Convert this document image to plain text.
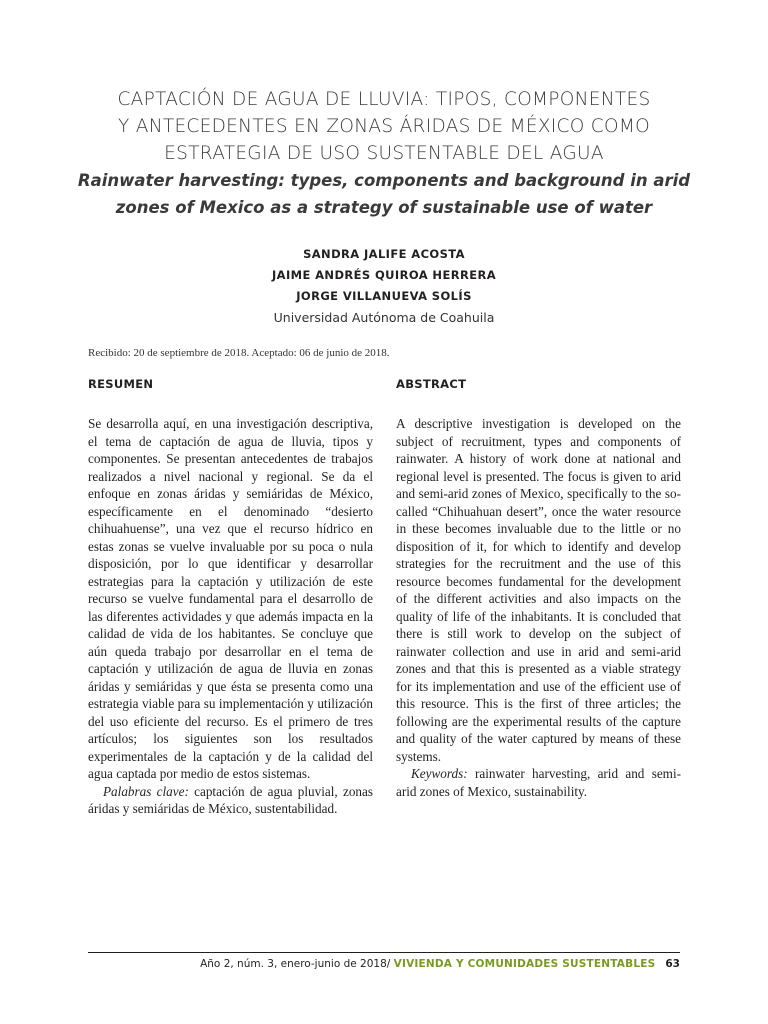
CAPTACIÓN DE AGUA DE LLUVIA: TIPOS, COMPONENTES
Y ANTECEDENTES EN ZONAS ÁRIDAS DE MÉXICO COMO
ESTRATEGIA DE USO SUSTENTABLE DEL AGUA
Rainwater harvesting: types, components and background in arid
zones of Mexico as a strategy of sustainable use of water
SANDRA JALIFE ACOSTA
JAIME ANDRÉS QUIROA HERRERA
JORGE VILLANUEVA SOLÍS
Universidad Autónoma de Coahuila
Recibido: 20 de septiembre de 2018. Aceptado: 06 de junio de 2018.
RESUMEN

Se desarrolla aquí, en una investigación descriptiva, el tema de captación de agua de lluvia, tipos y componentes. Se presentan antecedentes de trabajos realizados a nivel nacional y regional. Se da el enfoque en zonas áridas y semiáridas de México, específicamente en el denominado “desierto chihuahuense”, una vez que el recurso hídrico en estas zonas se vuelve invaluable por su poca o nula disposición, por lo que identificar y desarrollar estrategias para la captación y utilización de este recurso se vuelve fundamental para el desarrollo de las diferentes actividades y que además impacta en la calidad de vida de los habitantes. Se concluye que aún queda trabajo por desarrollar en el tema de captación y utilización de agua de lluvia en zonas áridas y semiáridas y que ésta se presenta como una estrategia viable para su implementación y utilización del uso eficiente del recurso. Es el primero de tres artículos; los siguientes son los resultados experimentales de la captación y de la calidad del agua captada por medio de estos sistemas.

Palabras clave: captación de agua pluvial, zonas áridas y semiáridas de México, sustentabilidad.

ABSTRACT

A descriptive investigation is developed on the subject of recruitment, types and components of rainwater. A history of work done at national and regional level is presented. The focus is given to arid and semi-arid zones of Mexico, specifically to the so-called “Chihuahuan desert”, once the water resource in these becomes invaluable due to the little or no disposition of it, for which to identify and develop strategies for the recruitment and the use of this resource becomes fundamental for the development of the different activities and also impacts on the quality of life of the inhabitants. It is concluded that there is still work to develop on the subject of rainwater collection and use in arid and semi-arid zones and that this is presented as a viable strategy for its implementation and use of the efficient use of this resource. This is the first of three articles; the following are the experimental results of the capture and quality of the water captured by means of these systems.

Keywords: rainwater harvesting, arid and semi-arid zones of Mexico, sustainability.

Año 2, núm. 3, enero-junio de 2018/ VIVIENDA Y COMUNIDADES SUSTENTABLES 63
